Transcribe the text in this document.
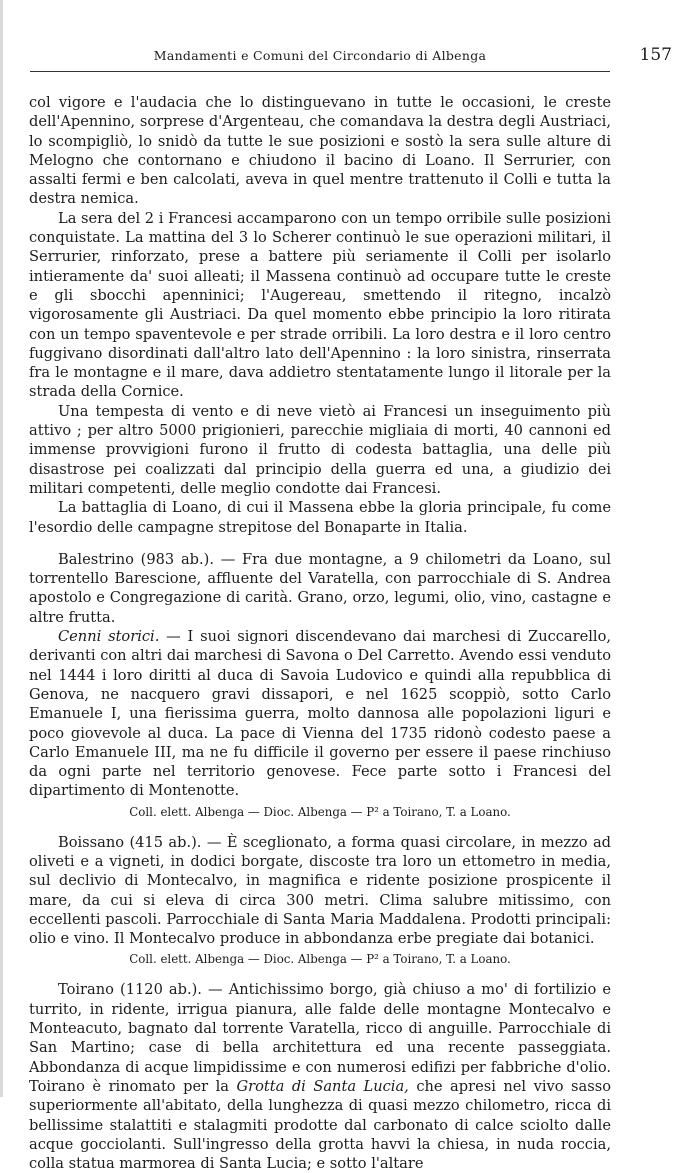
Mandamenti e Comuni del Circondario di Albenga	157

col vigore e l'audacia che lo distinguevano in tutte le occasioni, le creste dell'Apennino, sorprese d'Argenteau, che comandava la destra degli Austriaci, lo scompigliò, lo snidò da tutte le sue posizioni e sostò la sera sulle alture di Melogno che contornano e chiudono il bacino di Loano. Il Serrurier, con assalti fermi e ben calcolati, aveva in quel mentre trattenuto il Colli e tutta la destra nemica.

La sera del 2 i Francesi accamparono con un tempo orribile sulle posizioni conquistate. La mattina del 3 lo Scherer continuò le sue operazioni militari, il Serrurier, rinforzato, prese a battere più seriamente il Colli per isolarlo intieramente da' suoi alleati; il Massena continuò ad occupare tutte le creste e gli sbocchi apenninici; l'Augereau, smettendo il ritegno, incalzò vigorosamente gli Austriaci. Da quel momento ebbe principio la loro ritirata con un tempo spaventevole e per strade orribili. La loro destra e il loro centro fuggivano disordinati dall'altro lato dell'Apennino : la loro sinistra, rinserrata fra le montagne e il mare, dava addietro stentatamente lungo il litorale per la strada della Cornice.

Una tempesta di vento e di neve vietò ai Francesi un inseguimento più attivo ; per altro 5000 prigionieri, parecchie migliaia di morti, 40 cannoni ed immense provvigioni furono il frutto di codesta battaglia, una delle più disastrose pei coalizzati dal principio della guerra ed una, a giudizio dei militari competenti, delle meglio condotte dai Francesi.

La battaglia di Loano, di cui il Massena ebbe la gloria principale, fu come l'esordio delle campagne strepitose del Bonaparte in Italia.

Balestrino (983 ab.). — Fra due montagne, a 9 chilometri da Loano, sul torrentello Barescione, affluente del Varatella, con parrocchiale di S. Andrea apostolo e Congregazione di carità. Grano, orzo, legumi, olio, vino, castagne e altre frutta.

Cenni storici. — I suoi signori discendevano dai marchesi di Zuccarello, derivanti con altri dai marchesi di Savona o Del Carretto. Avendo essi venduto nel 1444 i loro diritti al duca di Savoia Ludovico e quindi alla repubblica di Genova, ne nacquero gravi dissapori, e nel 1625 scoppiò, sotto Carlo Emanuele I, una fierissima guerra, molto dannosa alle popolazioni liguri e poco giovevole al duca. La pace di Vienna del 1735 ridonò codesto paese a Carlo Emanuele III, ma ne fu difficile il governo per essere il paese rinchiuso da ogni parte nel territorio genovese. Fece parte sotto i Francesi del dipartimento di Montenotte.

Coll. elett. Albenga — Dioc. Albenga — P² a Toirano, T. a Loano.

Boissano (415 ab.). — È sceglionato, a forma quasi circolare, in mezzo ad oliveti e a vigneti, in dodici borgate, discoste tra loro un ettometro in media, sul declivio di Montecalvo, in magnifica e ridente posizione prospicente il mare, da cui si eleva di circa 300 metri. Clima salubre mitissimo, con eccellenti pascoli. Parrocchiale di Santa Maria Maddalena. Prodotti principali: olio e vino. Il Montecalvo produce in abbondanza erbe pregiate dai botanici.

Coll. elett. Albenga — Dioc. Albenga — P² a Toirano, T. a Loano.

Toirano (1120 ab.). — Antichissimo borgo, già chiuso a mo' di fortilizio e turrito, in ridente, irrigua pianura, alle falde delle montagne Montecalvo e Monteacuto, bagnato dal torrente Varatella, ricco di anguille. Parrocchiale di San Martino; case di bella architettura ed una recente passeggiata. Abbondanza di acque limpidissime e con numerosi edifizi per fabbriche d'olio. Toirano è rinomato per la Grotta di Santa Lucia, che apresi nel vivo sasso superiormente all'abitato, della lunghezza di quasi mezzo chilometro, ricca di bellissime stalattiti e stalagmiti prodotte dal carbonato di calce sciolto dalle acque gocciolanti. Sull'ingresso della grotta havvi la chiesa, in nuda roccia, colla statua marmorea di Santa Lucia; e sotto l'altare
